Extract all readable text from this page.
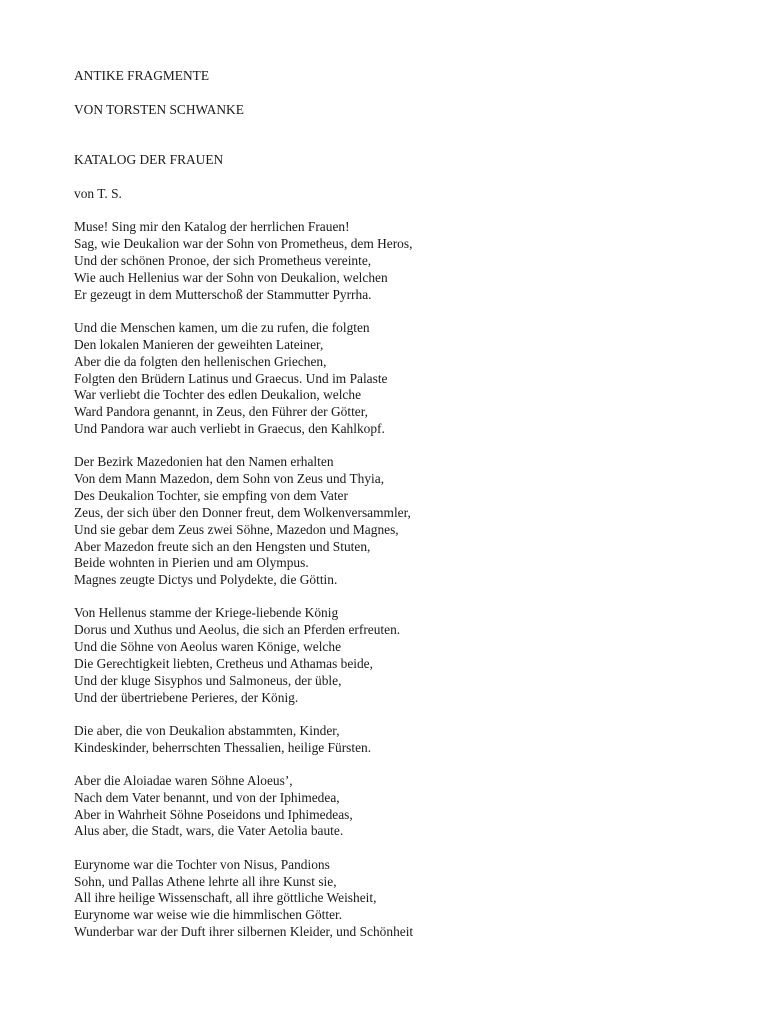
ANTIKE FRAGMENTE
VON TORSTEN SCHWANKE
KATALOG DER FRAUEN
von T. S.
Muse! Sing mir den Katalog der herrlichen Frauen!
Sag, wie Deukalion war der Sohn von Prometheus, dem Heros,
Und der schönen Pronoe, der sich Prometheus vereinte,
Wie auch Hellenius war der Sohn von Deukalion, welchen
Er gezeugt in dem Mutterschoß der Stammutter Pyrrha.
Und die Menschen kamen, um die zu rufen, die folgten
Den lokalen Manieren der geweihten Lateiner,
Aber die da folgten den hellenischen Griechen,
Folgten den Brüdern Latinus und Graecus. Und im Palaste
War verliebt die Tochter des edlen Deukalion, welche
Ward Pandora genannt, in Zeus, den Führer der Götter,
Und Pandora war auch verliebt in Graecus, den Kahlkopf.
Der Bezirk Mazedonien hat den Namen erhalten
Von dem Mann Mazedon, dem Sohn von Zeus und Thyia,
Des Deukalion Tochter, sie empfing von dem Vater
Zeus, der sich über den Donner freut, dem Wolkenversammler,
Und sie gebar dem Zeus zwei Söhne, Mazedon und Magnes,
Aber Mazedon freute sich an den Hengsten und Stuten,
Beide wohnten in Pierien und am Olympus.
Magnes zeugte Dictys und Polydekte, die Göttin.
Von Hellenus stamme der Kriege-liebende König
Dorus und Xuthus und Aeolus, die sich an Pferden erfreuten.
Und die Söhne von Aeolus waren Könige, welche
Die Gerechtigkeit liebten, Cretheus und Athamas beide,
Und der kluge Sisyphos und Salmoneus, der üble,
Und der übertriebene Perieres, der König.
Die aber, die von Deukalion abstammten, Kinder,
Kindeskinder, beherrschten Thessalien, heilige Fürsten.
Aber die Aloiadae waren Söhne Aloeus’,
Nach dem Vater benannt, und von der Iphimedea,
Aber in Wahrheit Söhne Poseidons und Iphimedeas,
Alus aber, die Stadt, wars, die Vater Aetolia baute.
Eurynome war die Tochter von Nisus, Pandions
Sohn, und Pallas Athene lehrte all ihre Kunst sie,
All ihre heilige Wissenschaft, all ihre göttliche Weisheit,
Eurynome war weise wie die himmlischen Götter.
Wunderbar war der Duft ihrer silbernen Kleider, und Schönheit
